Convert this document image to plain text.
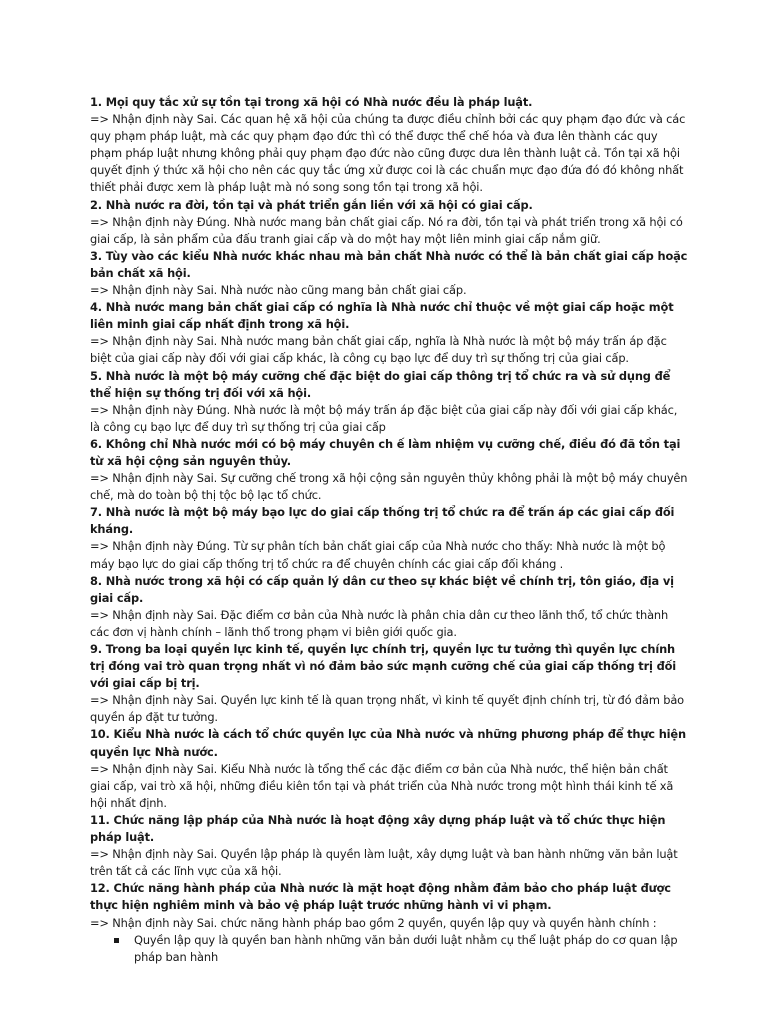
1. Mọi quy tắc xử sự tồn tại trong xã hội có Nhà nước đều là pháp luật.

=> Nhận định này Sai. Các quan hệ xã hội của chúng ta được điều chỉnh bởi các quy phạm đạo đức và các quy phạm pháp luật, mà các quy phạm đạo đức thì có thể được thể chế hóa và đưa lên thành các quy phạm pháp luật nhưng không phải quy phạm đạo đức nào cũng được dưa lên thành luật cả. Tồn tại xã hội quyết định ý thức xã hội cho nên các quy tắc ứng xử được coi là các chuẩn mực đạo đứa đó đó không nhất thiết phải được xem là pháp luật mà nó song song tồn tại trong xã hội.

2. Nhà nước ra đời, tồn tại và phát triển gắn liền với xã hội có giai cấp.

=> Nhận định này Đúng. Nhà nước mang bản chất giai cấp. Nó ra đời, tồn tại và phát triển trong xã hội có giai cấp, là sản phẩm của đấu tranh giai cấp và do một hay một liên minh giai cấp nắm giữ.

3. Tùy vào các kiểu Nhà nước khác nhau mà bản chất Nhà nước có thể là bản chất giai cấp hoặc bản chất xã hội.

=> Nhận định này Sai. Nhà nước nào cũng mang bản chất giai cấp.

4. Nhà nước mang bản chất giai cấp có nghĩa là Nhà nước chỉ thuộc về một giai cấp hoặc một liên minh giai cấp nhất định trong xã hội.

=> Nhận định này Sai. Nhà nước mang bản chất giai cấp, nghĩa là Nhà nước là một bộ máy trấn áp đặc biệt của giai cấp này đối với giai cấp khác, là công cụ bạo lực để duy trì sự thống trị của giai cấp.

5. Nhà nước là một bộ máy cưỡng chế đặc biệt do giai cấp thông trị tổ chức ra và sử dụng để thể hiện sự thống trị đối với xã hội.

=> Nhận định này Đúng. Nhà nước là một bộ máy trấn áp đặc biệt của giai cấp này đối với giai cấp khác, là công cụ bạo lực để duy trì sự thống trị của giai cấp

6. Không chỉ Nhà nước mới có bộ máy chuyên ch ế làm nhiệm vụ cưỡng chế, điều đó đã tồn tại từ xã hội cộng sản nguyên thủy.

=> Nhận định này Sai. Sự cưỡng chế trong xã hội cộng sản nguyên thủy không phải là một bộ máy chuyên chế, mà do toàn bộ thị tộc bộ lạc tổ chức.

7. Nhà nước là một bộ máy bạo lực do giai cấp thống trị tổ chức ra để trấn áp các giai cấp đối kháng.

=> Nhận định này Đúng. Từ sự phân tích bản chất giai cấp của Nhà nước cho thấy: Nhà nước là một bộ máy bạo lực do giai cấp thống trị tổ chức ra để chuyên chính các giai cấp đối kháng .

8. Nhà nước trong xã hội có cấp quản lý dân cư theo sự khác biệt về chính trị, tôn giáo, địa vị giai cấp.

=> Nhận định này Sai. Đặc điểm cơ bản của Nhà nước là phân chia dân cư theo lãnh thổ, tổ chức thành các đơn vị hành chính – lãnh thổ trong phạm vi biên giới quốc gia.

9. Trong ba loại quyền lực kinh tế, quyền lực chính trị, quyền lực tư tưởng thì quyền lực chính trị đóng vai trò quan trọng nhất vì nó đảm bảo sức mạnh cưỡng chế của giai cấp thống trị đối với giai cấp bị trị.

=> Nhận định này Sai. Quyền lực kinh tế là quan trọng nhất, vì kinh tế quyết định chính trị, từ đó đảm bảo quyền áp đặt tư tưởng.

10. Kiểu Nhà nước là cách tổ chức quyền lực của Nhà nước và những phương pháp để thực hiện quyền lực Nhà nước.

=> Nhận định này Sai. Kiểu Nhà nước là tổng thể các đặc điểm cơ bản của Nhà nước, thể hiện bản chất giai cấp, vai trò xã hội, những điều kiên tồn tại và phát triển của Nhà nước trong một hình thái kinh tế xã hội nhất định.

11. Chức năng lập pháp của Nhà nước là hoạt động xây dựng pháp luật và tổ chức thực hiện pháp luật.

=> Nhận định này Sai. Quyền lập pháp là quyền làm luật, xây dựng luật và ban hành những văn bản luật trên tất cả các lĩnh vực của xã hội.

12. Chức năng hành pháp của Nhà nước là mặt hoạt động nhằm đảm bảo cho pháp luật được thực hiện nghiêm minh và bảo vệ pháp luật trước những hành vi vi phạm.

=> Nhận định này Sai. chức năng hành pháp bao gồm 2 quyền, quyền lập quy và quyền hành chính :

Quyền lập quy là quyền ban hành những văn bản dưới luật nhằm cụ thể luật pháp do cơ quan lập pháp ban hành
